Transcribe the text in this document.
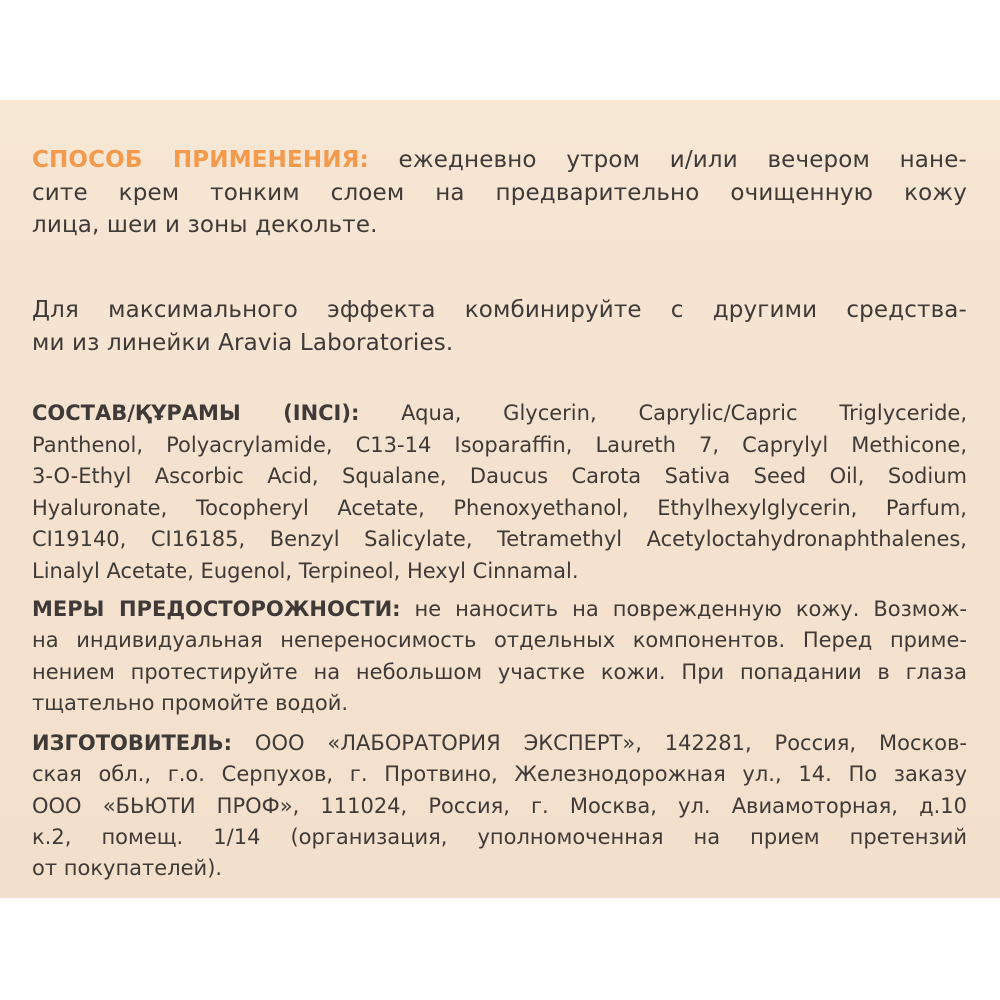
СПОСОБ ПРИМЕНЕНИЯ: ежедневно утром и/или вечером нане-
сите крем тонким слоем на предварительно очищенную кожу
лица, шеи и зоны декольте.
Для максимального эффекта комбинируйте с другими средства-
ми из линейки Aravia Laboratories.
СОСТАВ/ҚҰРАМЫ (INCI): Aqua, Glycerin, Caprylic/Capric Triglyceride,
Panthenol, Polyacrylamide, C13-14 Isoparaffin, Laureth 7, Caprylyl Methicone,
3-O-Ethyl Ascorbic Acid, Squalane, Daucus Carota Sativa Seed Oil, Sodium
Hyaluronate, Tocopheryl Acetate, Phenoxyethanol, Ethylhexylglycerin, Parfum,
CI19140, CI16185, Benzyl Salicylate, Tetramethyl Acetyloctahydronaphthalenes,
Linalyl Acetate, Eugenol, Terpineol, Hexyl Cinnamal.
МЕРЫ ПРЕДОСТОРОЖНОСТИ: не наносить на поврежденную кожу. Возмож-
на индивидуальная непереносимость отдельных компонентов. Перед приме-
нением протестируйте на небольшом участке кожи. При попадании в глаза
тщательно промойте водой.
ИЗГОТОВИТЕЛЬ: ООО «ЛАБОРАТОРИЯ ЭКСПЕРТ», 142281, Россия, Москов-
ская обл., г.о. Серпухов, г. Протвино, Железнодорожная ул., 14. По заказу
ООО «БЬЮТИ ПРОФ», 111024, Россия, г. Москва, ул. Авиамоторная, д.10
к.2, помещ. 1/14 (организация, уполномоченная на прием претензий
от покупателей).
